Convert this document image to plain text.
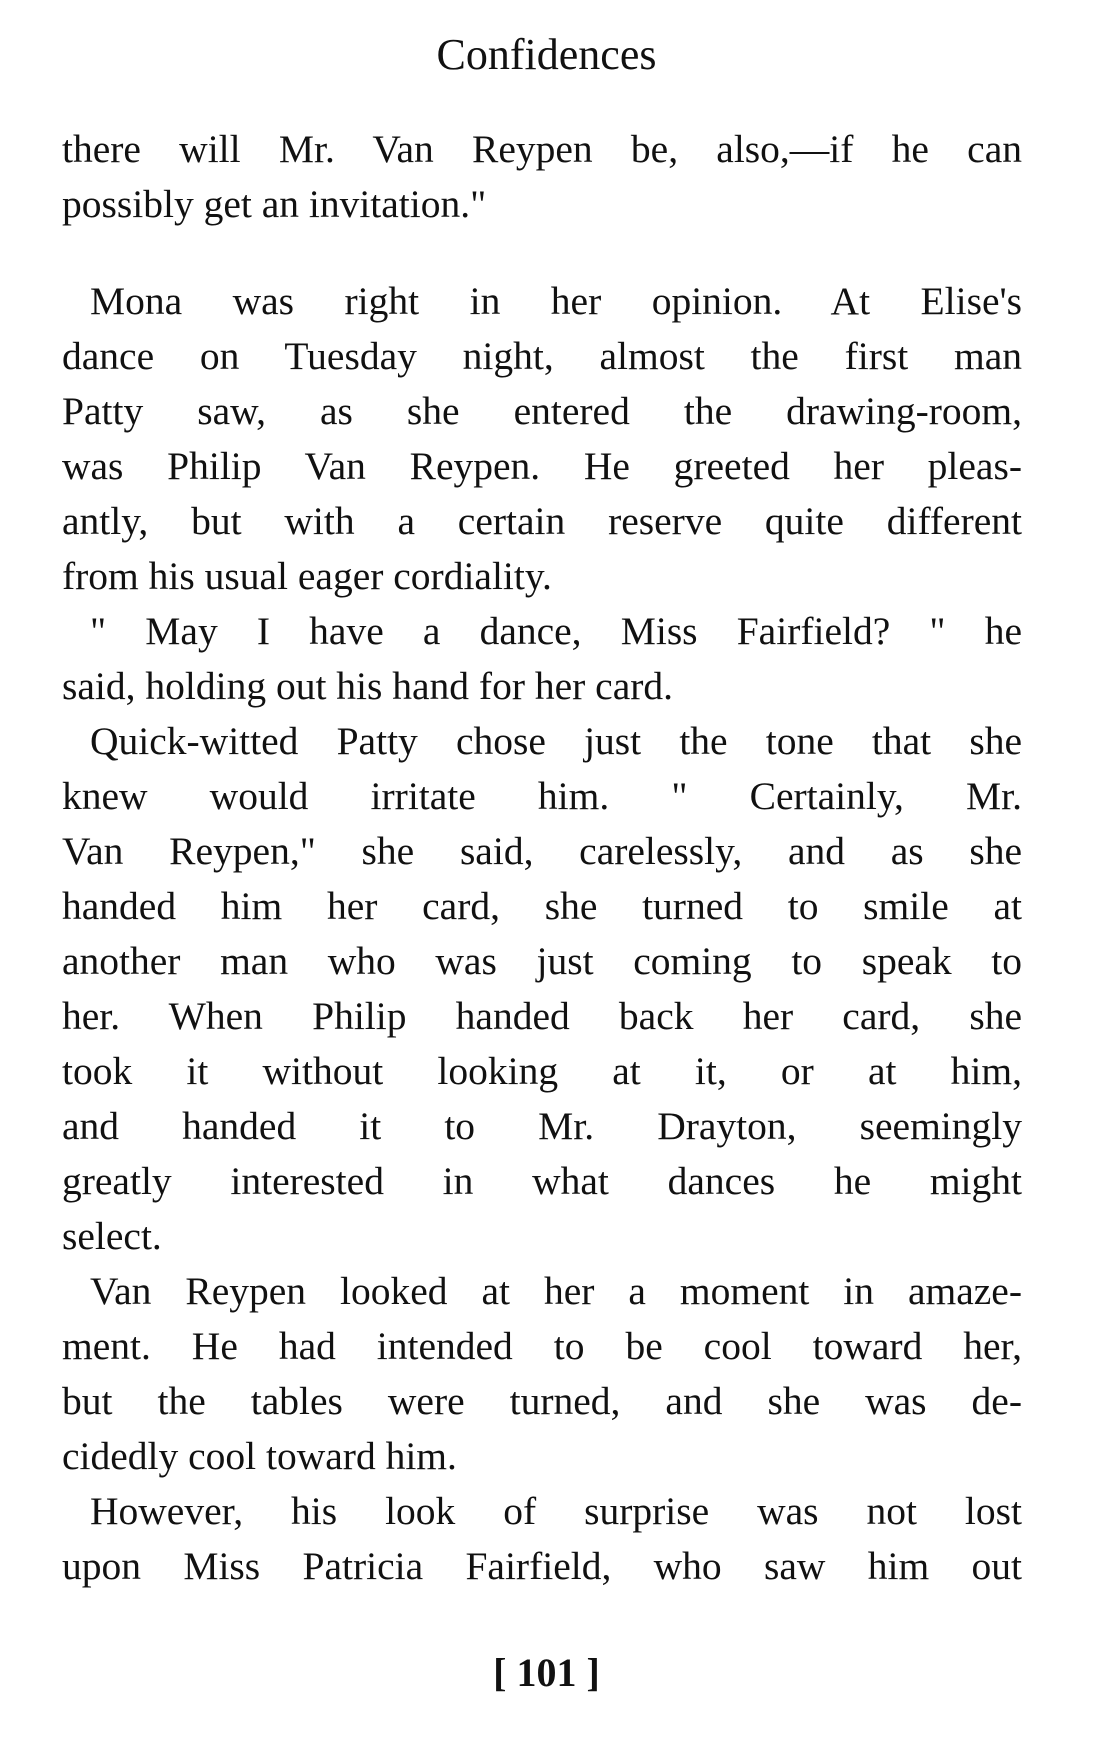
Confidences
there will Mr. Van Reypen be, also,—if he can
possibly get an invitation."
Mona was right in her opinion. At Elise's
dance on Tuesday night, almost the first man
Patty saw, as she entered the drawing-room,
was Philip Van Reypen. He greeted her pleas-
antly, but with a certain reserve quite different
from his usual eager cordiality.
" May I have a dance, Miss Fairfield? " he
said, holding out his hand for her card.
Quick-witted Patty chose just the tone that she
knew would irritate him. " Certainly, Mr.
Van Reypen," she said, carelessly, and as she
handed him her card, she turned to smile at
another man who was just coming to speak to
her. When Philip handed back her card, she
took it without looking at it, or at him,
and handed it to Mr. Drayton, seemingly
greatly interested in what dances he might
select.
Van Reypen looked at her a moment in amaze-
ment. He had intended to be cool toward her,
but the tables were turned, and she was de-
cidedly cool toward him.
However, his look of surprise was not lost
upon Miss Patricia Fairfield, who saw him out
[ 101 ]
